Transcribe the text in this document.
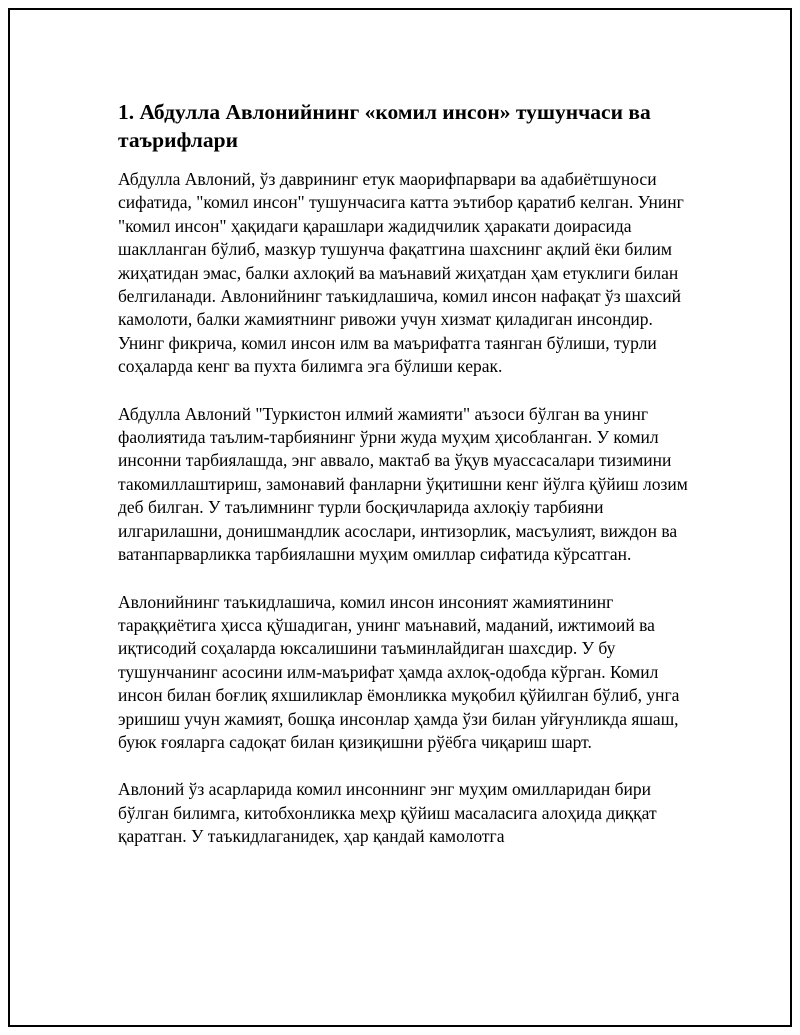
1. Абдулла Авлонийнинг «комил инсон» тушунчаси ва таърифлари

Абдулла Авлоний, ўз даврининг етук маорифпарвари ва адабиётшуноси сифатида, "комил инсон" тушунчасига катта эътибор қаратиб келган. Унинг "комил инсон" ҳақидаги қарашлари жадидчилик ҳаракати доирасида шаклланган бўлиб, мазкур тушунча фақатгина шахснинг ақлий ёки билим жиҳатидан эмас, балки ахлоқий ва маънавий жиҳатдан ҳам етуклиги билан белгиланади. Авлонийнинг таъкидлашича, комил инсон нафақат ўз шахсий камолоти, балки жамиятнинг ривожи учун хизмат қиладиган инсондир. Унинг фикрича, комил инсон илм ва маърифатга таянган бўлиши, турли соҳаларда кенг ва пухта билимга эга бўлиши керак.

Абдулла Авлоний "Туркистон илмий жамияти" аъзоси бўлган ва унинг фаолиятида таълим-тарбиянинг ўрни жуда муҳим ҳисобланган. У комил инсонни тарбиялашда, энг аввало, мактаб ва ўқув муассасалари тизимини такомиллаштириш, замонавий фанларни ўқитишни кенг йўлга қўйиш лозим деб билган. У таълимнинг турли босқичларида ахлоқiу тарбияни илгарилашни, донишмандлик асослари, интизорлик, масъулият, виждон ва ватанпарварликка тарбиялашни муҳим омиллар сифатида кўрсатган.

Авлонийнинг таъкидлашича, комил инсон инсоният жамиятининг тараққиётига ҳисса қўшадиган, унинг маънавий, маданий, ижтимоий ва иқтисодий соҳаларда юксалишини таъминлайдиган шахсдир. У бу тушунчанинг асосини илм-маърифат ҳамда ахлоқ-одобда кўрган. Комил инсон билан боғлиқ яхшиликлар ёмонликка муқобил қўйилган бўлиб, унга эришиш учун жамият, бошқа инсонлар ҳамда ўзи билан уйғунликда яшаш, буюк ғояларга садоқат билан қизиқишни рўёбга чиқариш шарт.

Авлоний ўз асарларида комил инсоннинг энг муҳим омилларидан бири бўлган билимга, китобхонликка меҳр қўйиш масаласига алоҳида диққат қаратган. У таъкидлаганидек, ҳар қандай камолотга
